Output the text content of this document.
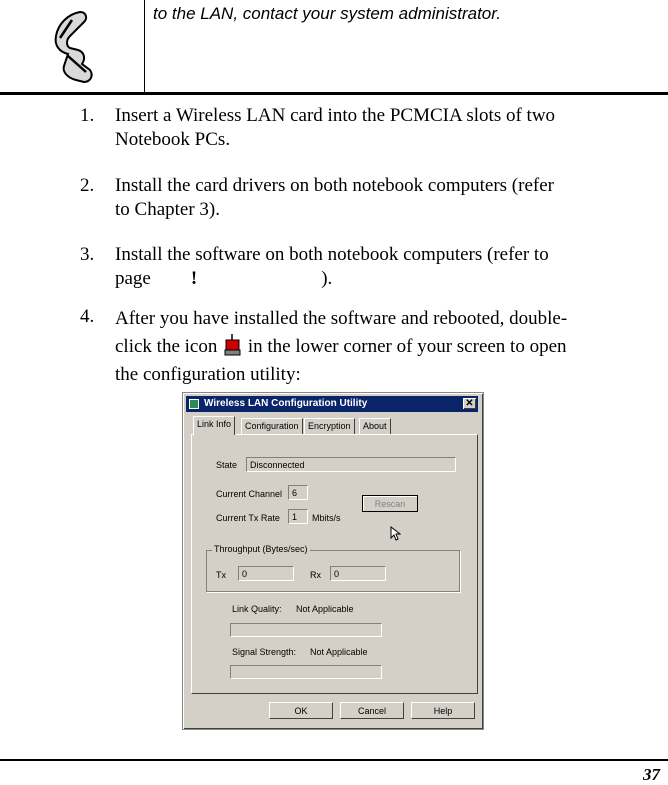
to the LAN, contact your system administrator.
1.	Insert a Wireless LAN card into the PCMCIA slots of two
Notebook PCs.
2.	Install the card drivers on both notebook computers (refer
to Chapter 3).
3.	Install the software on both notebook computers (refer to
page !	).
4.	After you have installed the software and rebooted, double-
click the icon in the lower corner of your screen to open
the configuration utility:
Wireless LAN Configuration Utility	✕
Link Info	Configuration	Encryption	About
State	Disconnected
Current Channel	6
Current Tx Rate	1	Mbits/s
Rescan
Throughput (Bytes/sec)
Tx	0	Rx	0
Link Quality: Not Applicable
Signal Strength: Not Applicable
OK	Cancel	Help
37
